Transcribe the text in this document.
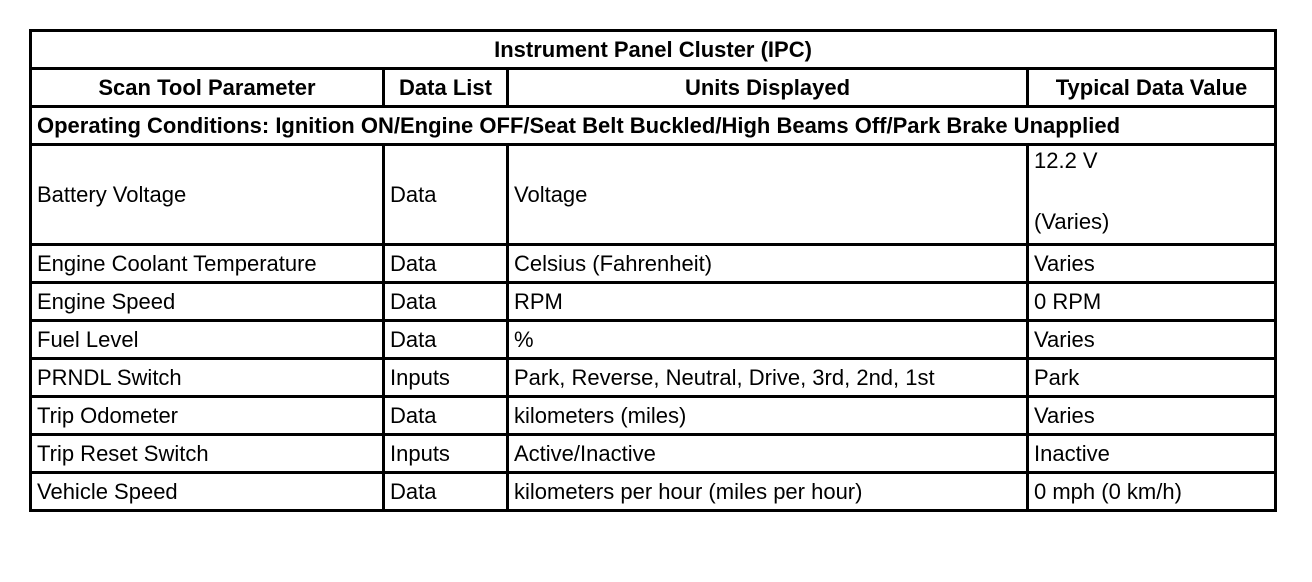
Instrument Panel Cluster (IPC)			
Scan Tool Parameter	Data List	Units Displayed	Typical Data Value
Operating Conditions: Ignition ON/Engine OFF/Seat Belt Buckled/High Beams Off/Park Brake Unapplied			
Battery Voltage	Data	Voltage	12.2 V
(Varies)

Engine Coolant Temperature	Data	Celsius (Fahrenheit)	Varies
Engine Speed	Data	RPM	0 RPM
Fuel Level	Data	%	Varies
PRNDL Switch	Inputs	Park, Reverse, Neutral, Drive, 3rd, 2nd, 1st	Park
Trip Odometer	Data	kilometers (miles)	Varies
Trip Reset Switch	Inputs	Active/Inactive	Inactive
Vehicle Speed	Data	kilometers per hour (miles per hour)	0 mph (0 km/h)
